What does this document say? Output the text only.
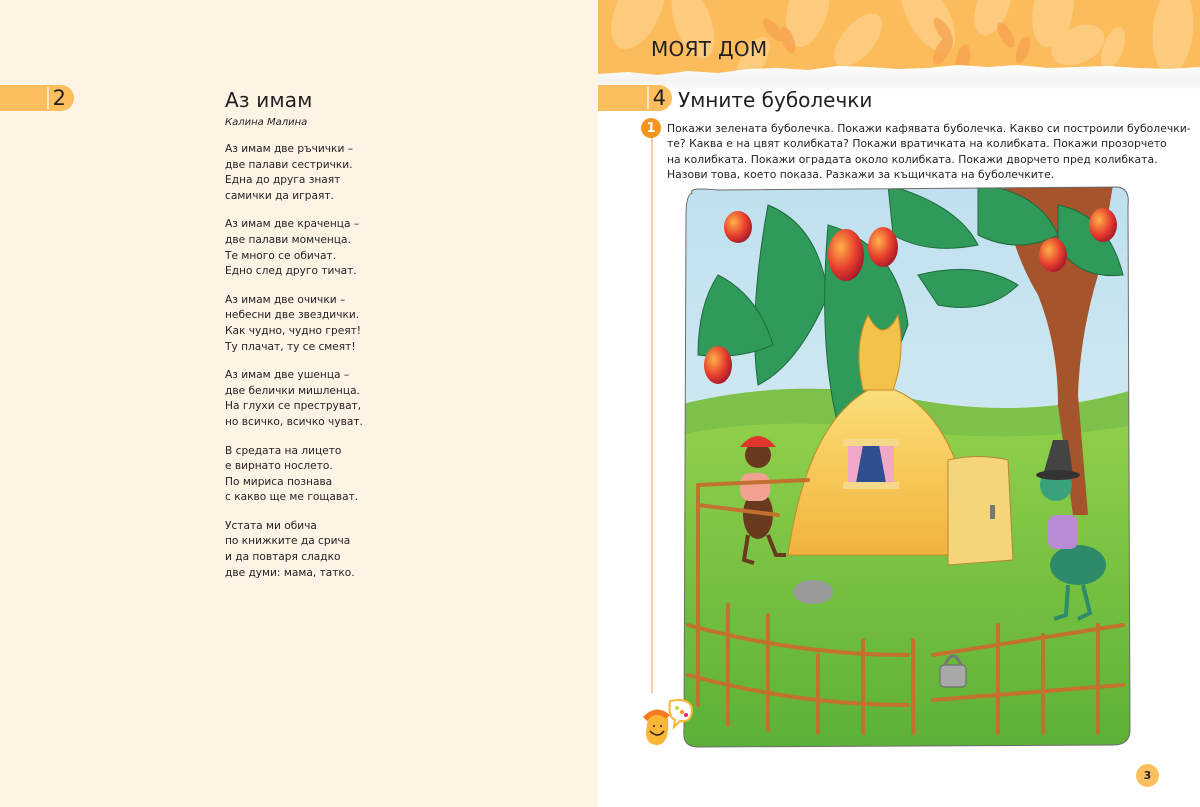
2	Аз имам
Калина Малина
Аз имам две ръчички –
две палави сестрички.
Една до друга знаят
самички да играят.
Аз имам две краченца –
две палави момченца.
Те много се обичат.
Едно след друго тичат.
Аз имам две очички –
небесни две звездички.
Как чудно, чудно греят!
Ту плачат, ту се смеят!
Аз имам две ушенца –
две белички мишленца.
На глухи се преструват,
но всичко, всичко чуват.
В средата на лицето
е вирнато нослето.
По мириса познава
с какво ще ме гощават.
Устата ми обича
по книжките да срича
и да повтаря сладко
две думи: мама, татко.
МОЯТ ДОМ
4 Умните буболечки
1	Покажи зелената буболечка. Покажи кафявата буболечка. Какво си построили буболечки-
те? Каква е на цвят колибката? Покажи вратичката на колибката. Покажи прозорчето
на колибката. Покажи оградата около колибката. Покажи дворчето пред колибката.
Назови това, което показа. Разкажи за къщичката на буболечките.
3
